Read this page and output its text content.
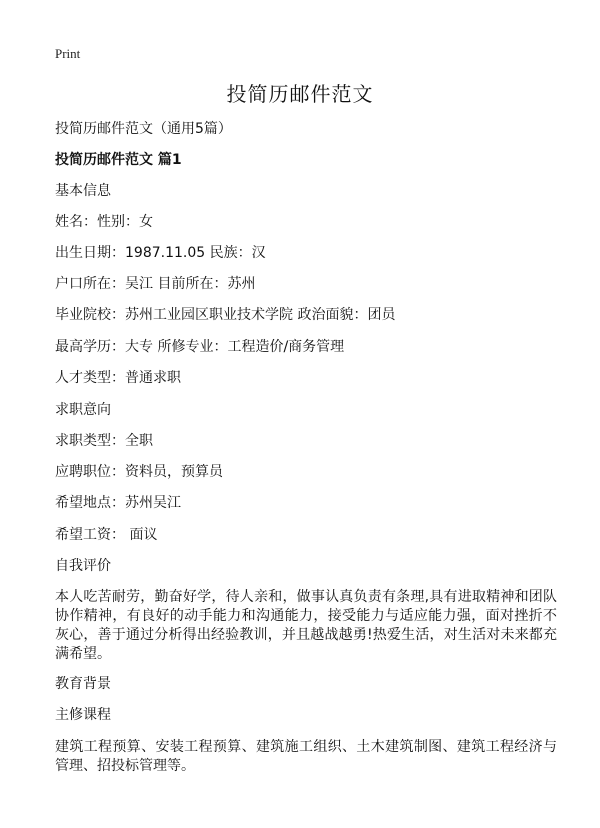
Print
投简历邮件范文

投简历邮件范文（通用5篇）

投简历邮件范文 篇1

基本信息

姓名：性别：女

出生日期：1987.11.05 民族：汉

户口所在：吴江 目前所在：苏州

毕业院校：苏州工业园区职业技术学院 政治面貌：团员

最高学历：大专 所修专业：工程造价/商务管理

人才类型：普通求职

求职意向

求职类型：全职

应聘职位：资料员，预算员

希望地点：苏州吴江

希望工资： 面议

自我评价

本人吃苦耐劳，勤奋好学，待人亲和，做事认真负责有条理,具有进取精神和团队协作精神，有良好的动手能力和沟通能力，接受能力与适应能力强，面对挫折不灰心，善于通过分析得出经验教训，并且越战越勇!热爱生活，对生活对未来都充满希望。

教育背景

主修课程

建筑工程预算、安装工程预算、建筑施工组织、土木建筑制图、建筑工程经济与管理、招投标管理等。
